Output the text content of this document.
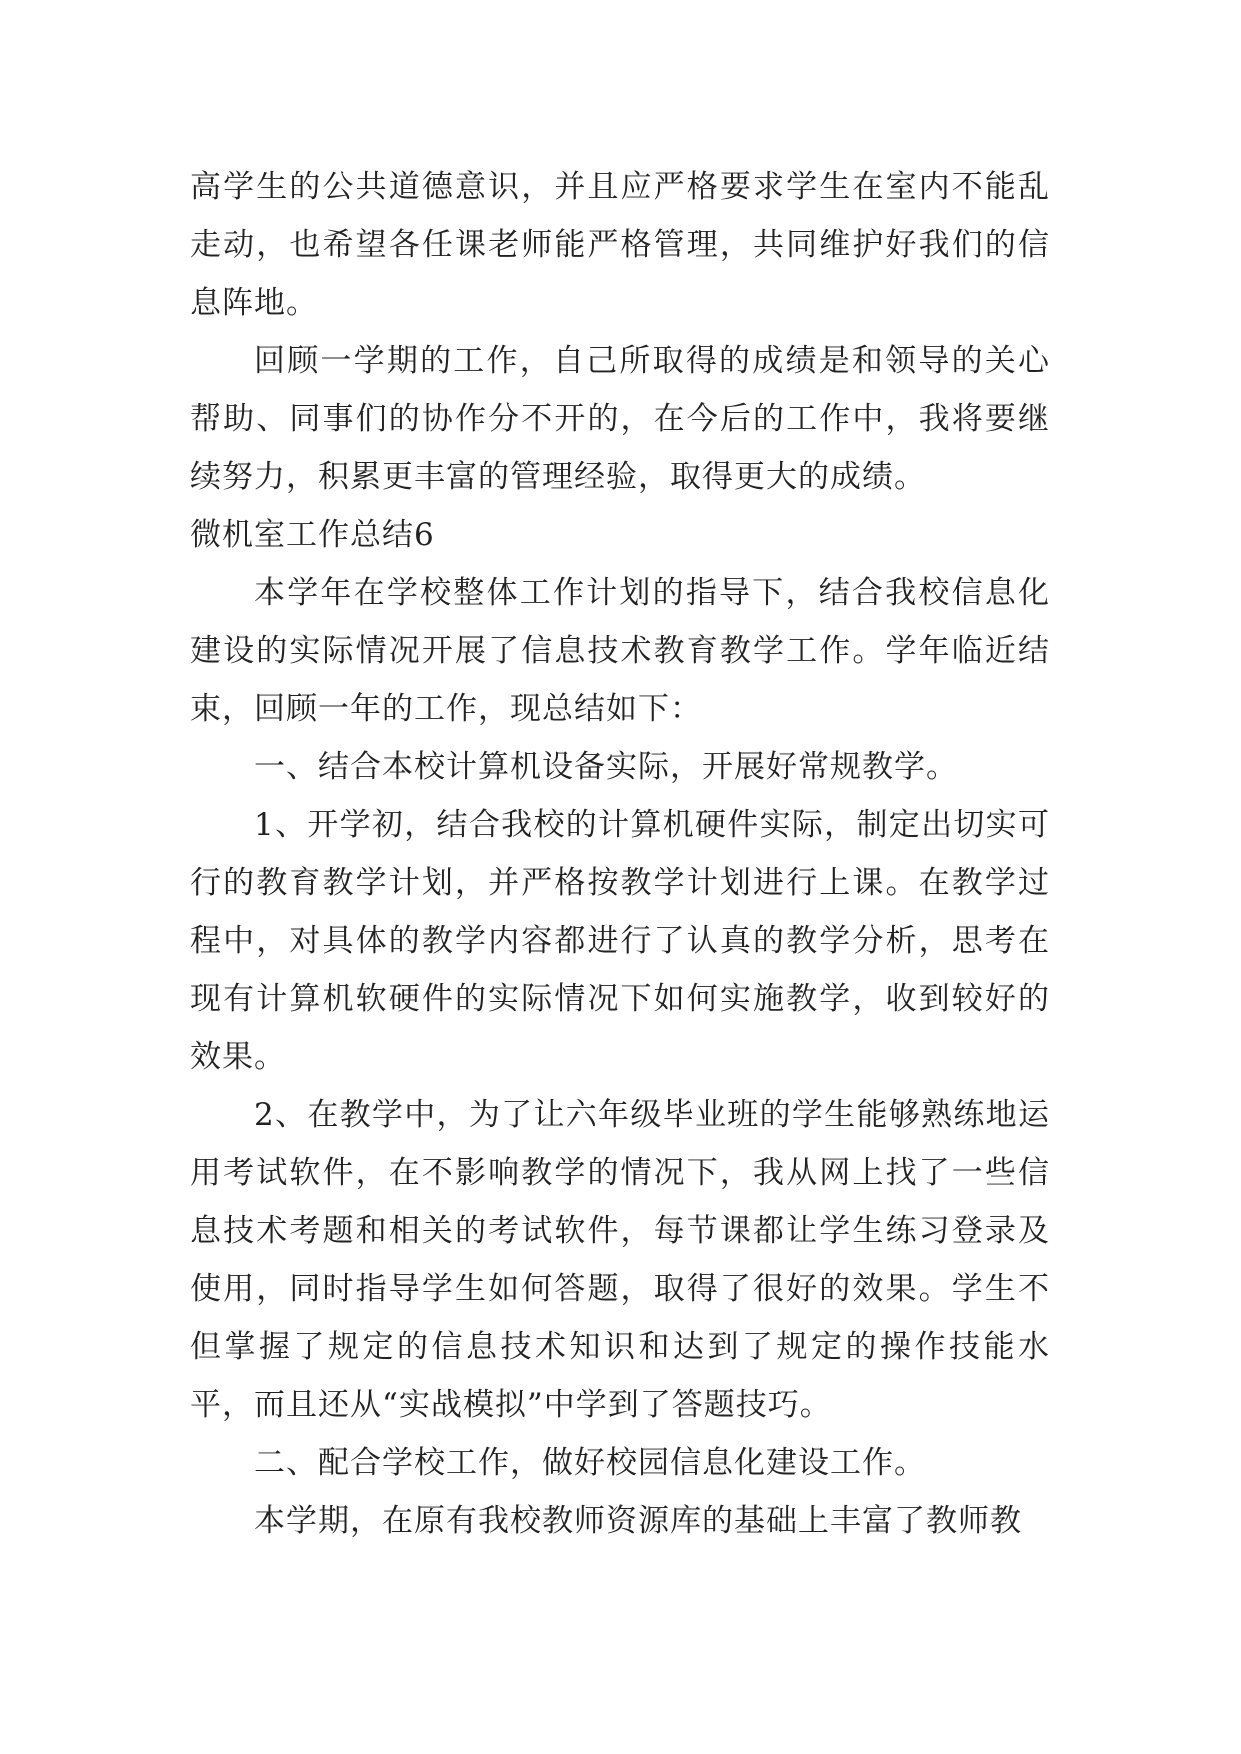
高学生的公共道德意识，并且应严格要求学生在室内不能乱走动，也希望各任课老师能严格管理，共同维护好我们的信息阵地。

回顾一学期的工作，自己所取得的成绩是和领导的关心帮助、同事们的协作分不开的，在今后的工作中，我将要继续努力，积累更丰富的管理经验，取得更大的成绩。

微机室工作总结6

本学年在学校整体工作计划的指导下，结合我校信息化建设的实际情况开展了信息技术教育教学工作。学年临近结束，回顾一年的工作，现总结如下：

一、结合本校计算机设备实际，开展好常规教学。

1、开学初，结合我校的计算机硬件实际，制定出切实可行的教育教学计划，并严格按教学计划进行上课。在教学过程中，对具体的教学内容都进行了认真的教学分析，思考在现有计算机软硬件的实际情况下如何实施教学，收到较好的效果。

2、在教学中，为了让六年级毕业班的学生能够熟练地运用考试软件，在不影响教学的情况下，我从网上找了一些信息技术考题和相关的考试软件，每节课都让学生练习登录及使用，同时指导学生如何答题，取得了很好的效果。学生不但掌握了规定的信息技术知识和达到了规定的操作技能水平，而且还从“实战模拟”中学到了答题技巧。

二、配合学校工作，做好校园信息化建设工作。

本学期，在原有我校教师资源库的基础上丰富了教师教
